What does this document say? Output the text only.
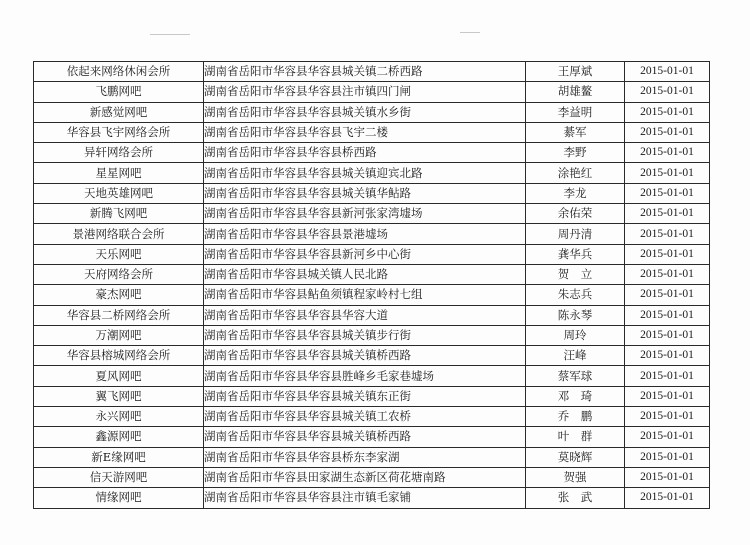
依起来网络休闲会所	湖南省岳阳市华容县华容县城关镇二桥西路	王厚斌	2015-01-01
飞鹏网吧	湖南省岳阳市华容县华容县注市镇四门闸	胡雄鳌	2015-01-01
新感觉网吧	湖南省岳阳市华容县华容县城关镇水乡街	李益明	2015-01-01
华容县飞宇网络会所	湖南省岳阳市华容县华容县飞宇二楼	綦军	2015-01-01
异轩网络会所	湖南省岳阳市华容县华容县桥西路	李野	2015-01-01
星星网吧	湖南省岳阳市华容县华容县城关镇迎宾北路	涂艳红	2015-01-01
天地英雄网吧	湖南省岳阳市华容县华容县城关镇华鲇路	李龙	2015-01-01
新腾飞网吧	湖南省岳阳市华容县华容县新河张家湾墟场	余佑荣	2015-01-01
景港网络联合会所	湖南省岳阳市华容县华容县景港墟场	周丹清	2015-01-01
天乐网吧	湖南省岳阳市华容县华容县新河乡中心街	龚华兵	2015-01-01
天府网络会所	湖南省岳阳市华容县城关镇人民北路	贺　立	2015-01-01
豪杰网吧	湖南省岳阳市华容县鲇鱼须镇程家岭村七组	朱志兵	2015-01-01
华容县二桥网络会所	湖南省岳阳市华容县华容县华容大道	陈永琴	2015-01-01
万潮网吧	湖南省岳阳市华容县华容县城关镇步行街	周玲	2015-01-01
华容县榕城网络会所	湖南省岳阳市华容县华容县城关镇桥西路	汪峰	2015-01-01
夏风网吧	湖南省岳阳市华容县华容县胜峰乡毛家巷墟场	蔡军球	2015-01-01
翼飞网吧	湖南省岳阳市华容县华容县城关镇东正街	邓　琦	2015-01-01
永兴网吧	湖南省岳阳市华容县华容县城关镇工农桥	乔　鹏	2015-01-01
鑫源网吧	湖南省岳阳市华容县华容县城关镇桥西路	叶　群	2015-01-01
新E缘网吧	湖南省岳阳市华容县华容县桥东李家湖	莫晓辉	2015-01-01
信天游网吧	湖南省岳阳市华容县田家湖生态新区荷花塘南路	贺强	2015-01-01
情缘网吧	湖南省岳阳市华容县华容县注市镇毛家铺	张　武	2015-01-01
